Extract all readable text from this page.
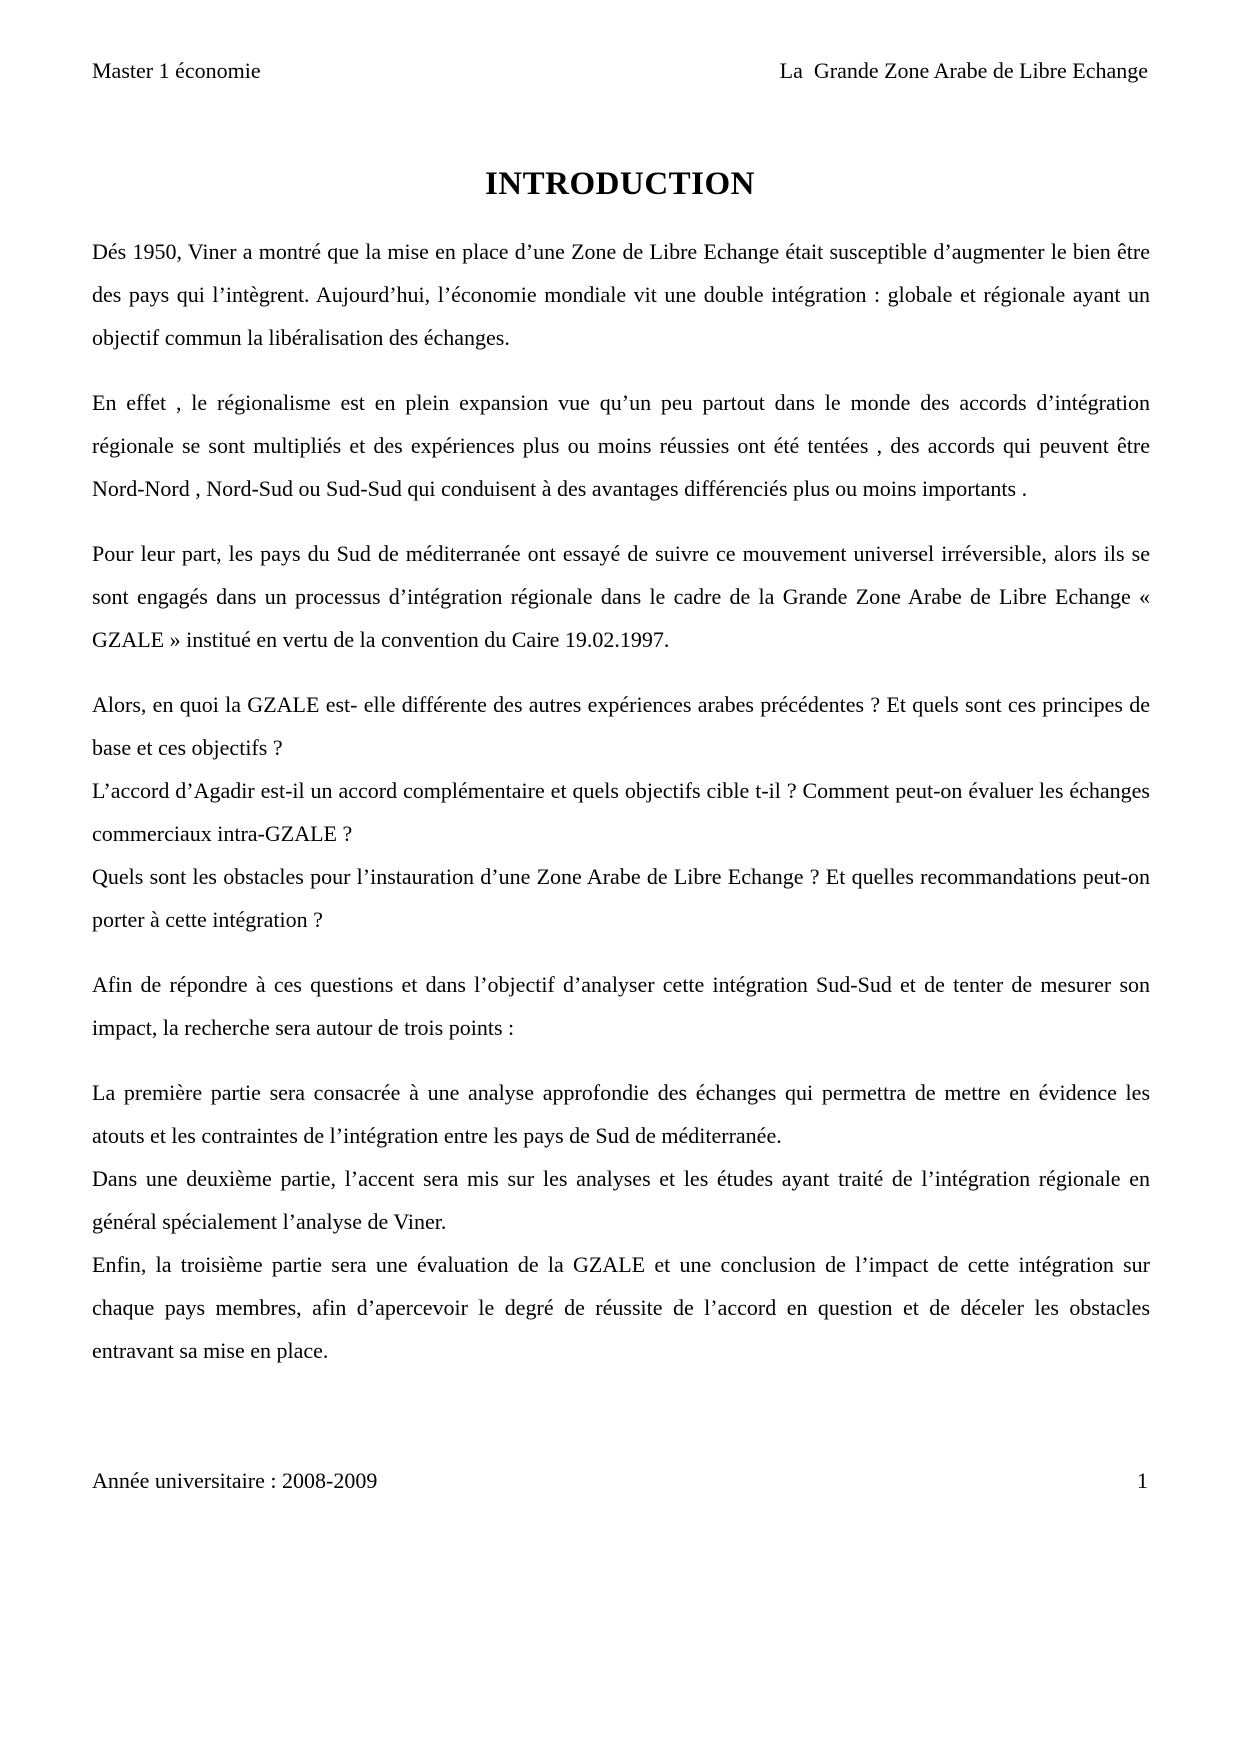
Master 1 économie	La  Grande Zone Arabe de Libre Echange
INTRODUCTION

Dés 1950, Viner a montré que la mise en place d’une Zone de Libre Echange était susceptible d’augmenter le bien être des pays qui l’intègrent. Aujourd’hui, l’économie mondiale vit une double intégration : globale et régionale ayant un objectif commun la libéralisation des échanges.

En effet , le régionalisme est en plein expansion vue qu’un peu partout dans le monde des accords d’intégration régionale se sont multipliés et des expériences plus ou moins réussies ont été tentées , des accords qui peuvent être Nord-Nord , Nord-Sud ou Sud-Sud qui conduisent à des avantages différenciés plus ou moins importants .

Pour leur part, les pays du Sud de méditerranée ont essayé de suivre ce mouvement universel irréversible, alors ils se sont engagés dans un processus d’intégration régionale dans le cadre de la Grande Zone Arabe de Libre Echange « GZALE » institué en vertu de la convention du Caire 19.02.1997.

Alors, en quoi la GZALE est- elle différente des autres expériences arabes précédentes ? Et quels sont ces principes de base et ces objectifs ?

L’accord d’Agadir est-il un accord complémentaire et quels objectifs cible t-il ? Comment peut-on évaluer les échanges commerciaux intra-GZALE ?

Quels sont les obstacles pour l’instauration d’une Zone Arabe de Libre Echange ? Et quelles recommandations peut-on porter à cette intégration ?

Afin de répondre à ces questions et dans l’objectif d’analyser cette intégration Sud-Sud et de tenter de mesurer son impact, la recherche sera autour de trois points :

La première partie sera consacrée à une analyse approfondie des échanges qui permettra de mettre en évidence les atouts et les contraintes de l’intégration entre les pays de Sud de méditerranée.

Dans une deuxième partie, l’accent sera mis sur les analyses et les études ayant traité de l’intégration régionale en général spécialement l’analyse de Viner.

Enfin, la troisième partie sera une évaluation de la GZALE et une conclusion de l’impact de cette intégration sur chaque pays membres, afin d’apercevoir le degré de réussite de l’accord en question et de déceler les obstacles entravant sa mise en place.

Année universitaire : 2008-2009	1
